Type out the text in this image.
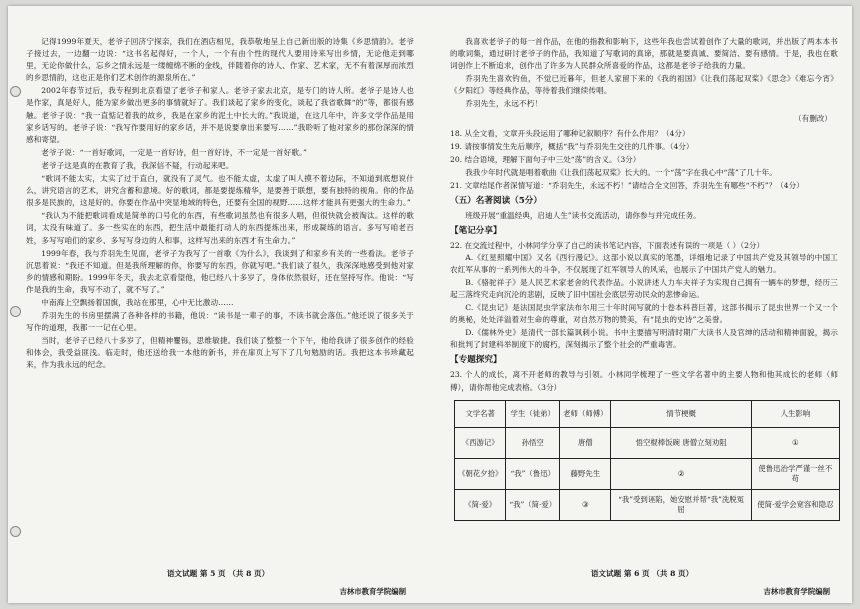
记得1999年夏天，老爷子回济宁探亲，我们在酒店相见，我恭敬地呈上自己新出版的诗集《乡思情韵》。老爷子接过去，一边翻一边说：“这书名起得好，一个人，一个有由个性的现代人要用诗来写出乡情，无论他走到哪里，无论你做什么，忘乡之情永远是一缕缠绵不断的金线，伴随着你的诗人、作家、艺术家，无不有着深厚而浓烈的乡思情韵，这也正是你们艺术创作的源泉所在。”

2002年春节过后，我专程到北京看望了老爷子和家人。老爷子家去北京，是专门的诗人所。老爷子是诗人也是作家，真是好人，能为家乡做出更多的事情就好了。我们谈起了家乡的变化，谈起了我省歌舞“的”等，都很有感触。老爷子说：“我一直惦记着我的故乡，我是在家乡的泥土中长大的。”我说道，在这几年中，许多文学作品是用家乡话写的。老爷子说：“我写作要用好的家乡话，并不是说要拿出来要写……”我聆听了他对家乡的那份深深的情感和寄望。

老爷子说：“一首好歌词，一定是一首好诗，但一首好诗，不一定是一首好歌。”

老爷子这是真的在教育了我，我深信不疑，行动起来吧。

“歌词不能太实，太实了过于直白，就没有了灵气。也不能太虚，太虚了叫人摸不着边际，不知道到底想说什么，讲究语言的艺术，讲究含蓄和意境。好的歌词，都是要提炼精华，是要善于联想，要有独特的视角。你的作品很多是民族的，这是好的。你要在作品中突显地域的特色，还要有全国的视野……这样才能具有更强大的生命力。”

“我认为不能把歌词看成是简单的口号化的东西，有些歌词虽然也有很多人唱，但很快就会被淘汰。这样的歌词，太没有味道了。多一些实在的东西，把生活中最能打动人的东西提炼出来，形成凝练的语言。多写写咱老百姓，多写写咱们的家乡、多写写身边的人和事，这样写出来的东西才有生命力。”

1999年春，我与乔羽先生见面，老爷子为我写了一首歌《为什么》，我谈到了和家乡有关的一些看法。老爷子沉思着说：“我还不知道。但是我所理解的你，你要写的东西，你就写吧。”我们谈了很久，我深深地感受到他对家乡的情感和期盼。1999年冬天，我去北京看望他，他已经八十多岁了，身体依然很好，还在坚持写作。他说：“写作是我的生命，我写不动了，就不写了。”

中南海上空飘扬着国旗，我站在那里，心中无比激动……

乔羽先生的书房里摆满了各种各样的书籍，他说：“读书是一辈子的事，不读书就会落伍。”他还说了很多关于写作的道理，我都一一记在心里。

当时，老爷子已经八十多岁了，但精神矍铄，思维敏捷。我们谈了整整一个下午，他给我讲了很多创作的经验和体会，我受益匪浅。临走时，他还送给我一本他的新书，并在扉页上写下了几句勉励的话。我把这本书珍藏起来，作为我永远的纪念。

语文试题 第 5 页 （共 8 页）
吉林市教育学院编制

我喜欢老爷子的每一首作品，在他的指教和影响下，这些年我也尝试着创作了大量的歌词，并出版了两本本书的歌词集，通过研讨老爷子的作品，我知道了写歌词的真谛，那就是要真诚、要简洁、要有感情。于是，我也在歌词创作上不断追求，创作出了许多为人民群众所喜爱的作品，这都是老爷子给我的力量。

乔羽先生喜欢钓鱼，不觉已近暮年，但老人家留下来的《我的祖国》《让我们荡起双桨》《思念》《难忘今宵》《夕阳红》等经典作品，等待着我们继续传唱。

乔羽先生，永远不朽！

（有删改）

18. 从全文看，文章开头段运用了哪种记叙顺序？有什么作用？（4分）

19. 请按事情发生先后顺序，概括“我”与乔羽先生交往的几件事。（4分）

20. 结合语境，理解下面句子中三处“荡”的含义。（3分）

我我少年时代就是唱着歌曲《让我们荡起双桨》长大的。一个“荡”字在我心中“荡”了几十年。

21. 文章结尾作者深情写道：“乔羽先生，永远不朽！”请结合全文回答，乔羽先生有哪些“不朽”？（4分）

（五）名著阅读（5分）

班级开展“重温经典，启迪人生”读书交流活动，请你参与并完成任务。

【笔记分享】

22. 在交流过程中，小林同学分享了自己的读书笔记内容，下面表述有误的一项是（ ）（2分）

A.《红星照耀中国》又名《西行漫记》。这部小说以真实的笔墨，详细地记录了中国共产党及其领导的中国工农红军从事的一系列伟大的斗争，不仅展现了红军领导人的风采，也展示了中国共产党人的魅力。

B.《骆驼祥子》是人民艺术家老舍的代表作品。小说讲述人力车夫祥子为实现自己拥有一辆车的梦想，经历三起三落终究走向沉沦的悲剧，反映了旧中国社会底层劳动民众的悲惨命运。

C.《昆虫记》是法国昆虫学家法布尔用三十年时间写就的十卷本科普巨著，这部书揭示了昆虫世界一个又一个的奥秘，处处洋溢着对生命的尊重，对自然万物的赞美，有“昆虫的史诗”之美誉。

D.《儒林外史》是清代一部长篇讽刺小说。书中主要描写明清时期广大读书人及官绅的活动和精神面貌，揭示和批判了封建科举制度下的腐朽，深刻揭示了整个社会的严重毒害。

【专题探究】

23. 个人的成长，离不开老师的教导与引领。小林同学梳理了一些文学名著中的主要人物和他其成长的老师（师傅），请你帮他完成表格。（3分）

文学名著	学生（徒弟）	老师（师傅）	情节梗概	人生影响
《西游记》	孙悟空	唐僧	悟空棍棒饭碗 唐僧立刻劝阻	①
《朝花夕拾》	“我”（鲁迅）	藤野先生	②	使鲁迅治学严谨一丝不苟
《简·爱》	“我”（简·爱）	③	“我”受到诬陷，她安慰并帮“我”洗脱冤屈	使简·爱学会宽容和隐忍
语文试题 第 6 页 （共 8 页）
吉林市教育学院编制
